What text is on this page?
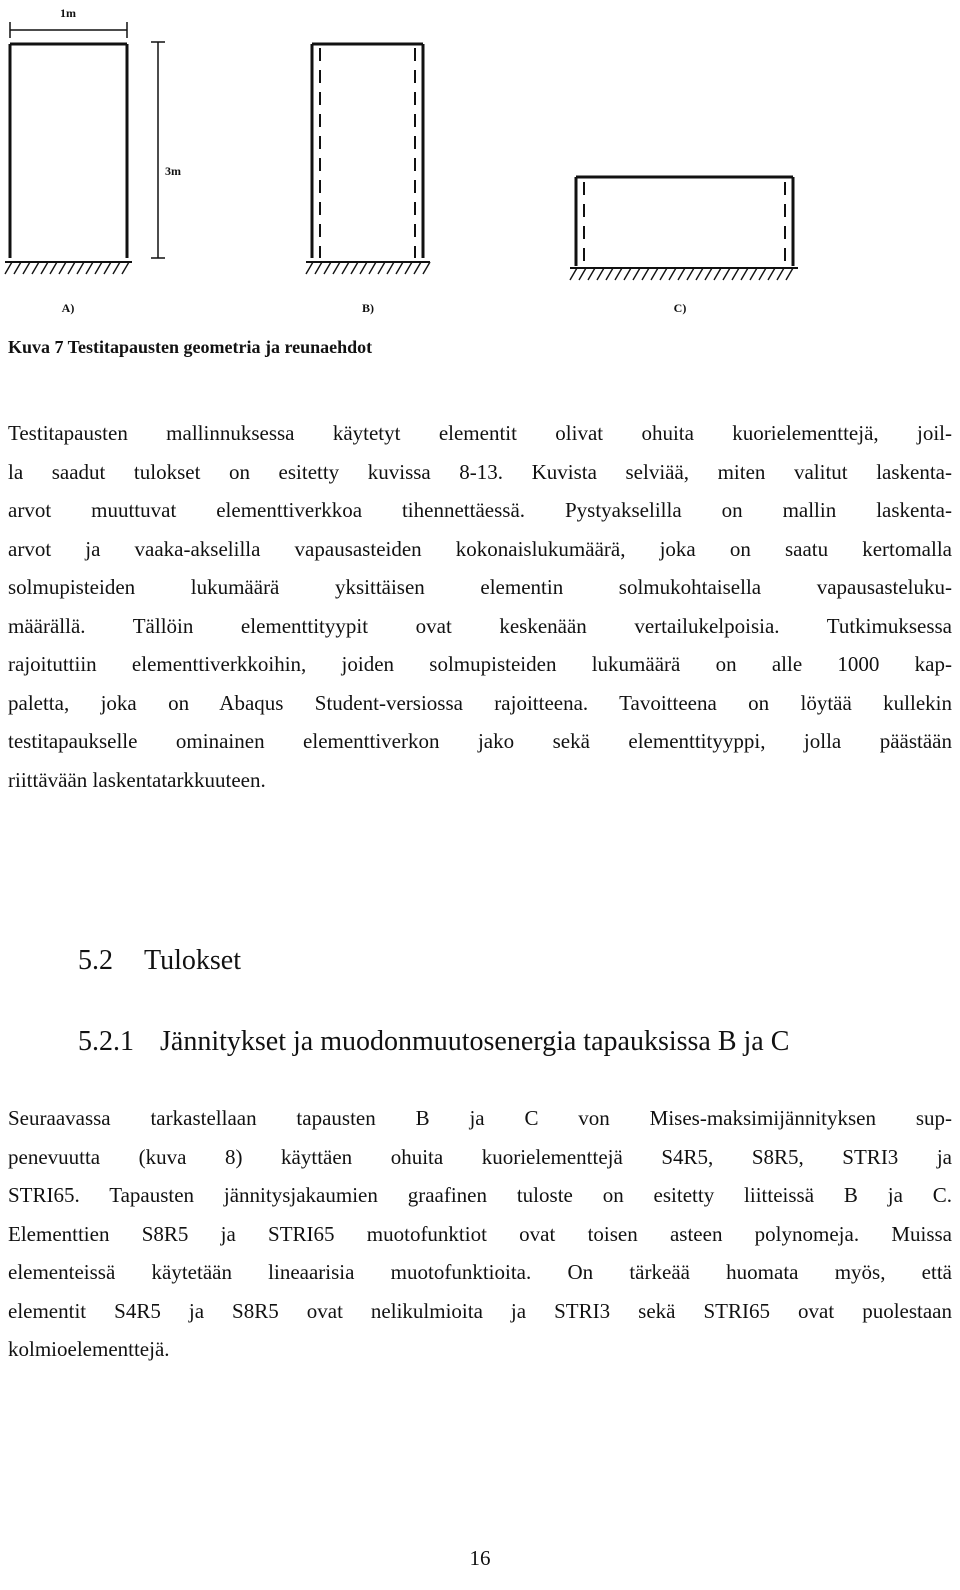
1m
3m
A)	B)	C)

Kuva 7 Testitapausten geometria ja reunaehdot

Testitapausten mallinnuksessa käytetyt elementit olivat ohuita kuorielementtejä, joil-
la saadut tulokset on esitetty kuvissa 8-13. Kuvista selviää, miten valitut laskenta-
arvot muuttuvat elementtiverkkoa tihennettäessä. Pystyakselilla on mallin laskenta-
arvot ja vaaka-akselilla vapausasteiden kokonaislukumäärä, joka on saatu kertomalla
solmupisteiden lukumäärä yksittäisen elementin solmukohtaisella vapausasteluku-
määrällä. Tällöin elementtityypit ovat keskenään vertailukelpoisia. Tutkimuksessa
rajoituttiin elementtiverkkoihin, joiden solmupisteiden lukumäärä on alle 1000 kap-
paletta, joka on Abaqus Student-versiossa rajoitteena. Tavoitteena on löytää kullekin
testitapaukselle ominainen elementtiverkon jako sekä elementtityyppi, jolla päästään
riittävään laskentatarkkuuteen.
5.2 Tulokset
5.2.1 Jännitykset ja muodonmuutosenergia tapauksissa B ja C
Seuraavassa tarkastellaan tapausten B ja C von Mises-maksimijännityksen sup-
penevuutta (kuva 8) käyttäen ohuita kuorielementtejä S4R5, S8R5, STRI3 ja
STRI65. Tapausten jännitysjakaumien graafinen tuloste on esitetty liitteissä B ja C.
Elementtien S8R5 ja STRI65 muotofunktiot ovat toisen asteen polynomeja. Muissa
elementeissä käytetään lineaarisia muotofunktioita. On tärkeää huomata myös, että
elementit S4R5 ja S8R5 ovat nelikulmioita ja STRI3 sekä STRI65 ovat puolestaan
kolmioelementtejä.

16
